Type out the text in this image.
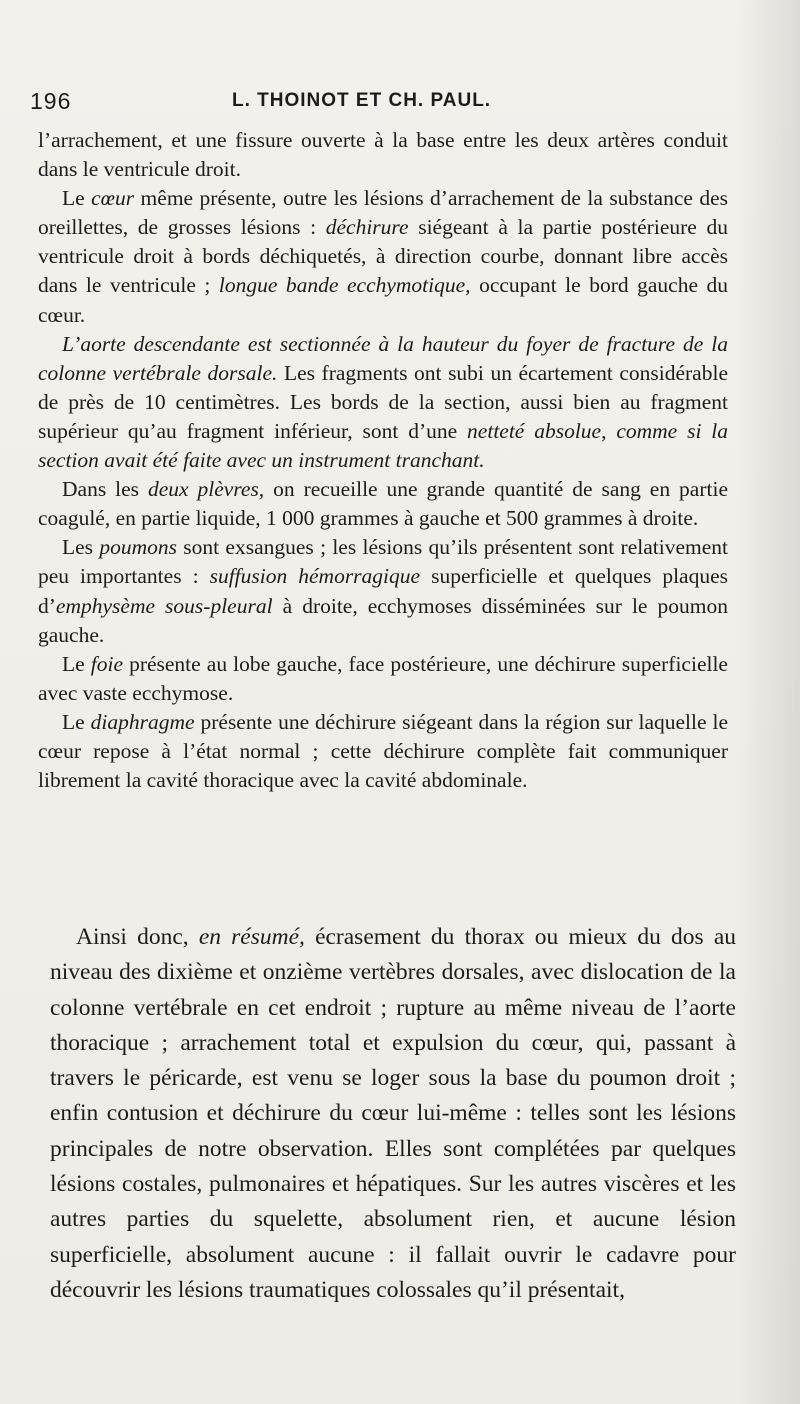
196	L. THOINOT ET CH. PAUL.

l’arrachement, et une fissure ouverte à la base entre les deux artères conduit dans le ventricule droit.

Le cœur même présente, outre les lésions d’arrachement de la substance des oreillettes, de grosses lésions : déchirure siégeant à la partie postérieure du ventricule droit à bords déchiquetés, à direction courbe, donnant libre accès dans le ventricule ; longue bande ecchymotique, occupant le bord gauche du cœur.

L’aorte descendante est sectionnée à la hauteur du foyer de fracture de la colonne vertébrale dorsale. Les fragments ont subi un écartement considérable de près de 10 centimètres. Les bords de la section, aussi bien au fragment supérieur qu’au fragment inférieur, sont d’une netteté absolue, comme si la section avait été faite avec un instrument tranchant.

Dans les deux plèvres, on recueille une grande quantité de sang en partie coagulé, en partie liquide, 1 000 grammes à gauche et 500 grammes à droite.

Les poumons sont exsangues ; les lésions qu’ils présentent sont relativement peu importantes : suffusion hémorragique superficielle et quelques plaques d’emphysème sous-pleural à droite, ecchymoses disséminées sur le poumon gauche.

Le foie présente au lobe gauche, face postérieure, une déchirure superficielle avec vaste ecchymose.

Le diaphragme présente une déchirure siégeant dans la région sur laquelle le cœur repose à l’état normal ; cette déchirure complète fait communiquer librement la cavité thoracique avec la cavité abdominale.

Ainsi donc, en résumé, écrasement du thorax ou mieux du dos au niveau des dixième et onzième vertèbres dorsales, avec dislocation de la colonne vertébrale en cet endroit ; rupture au même niveau de l’aorte thoracique ; arrachement total et expulsion du cœur, qui, passant à travers le péricarde, est venu se loger sous la base du poumon droit ; enfin contusion et déchirure du cœur lui-même : telles sont les lésions principales de notre observation. Elles sont complétées par quelques lésions costales, pulmonaires et hépatiques. Sur les autres viscères et les autres parties du squelette, absolument rien, et aucune lésion superficielle, absolument aucune : il fallait ouvrir le cadavre pour découvrir les lésions traumatiques colossales qu’il présentait,
